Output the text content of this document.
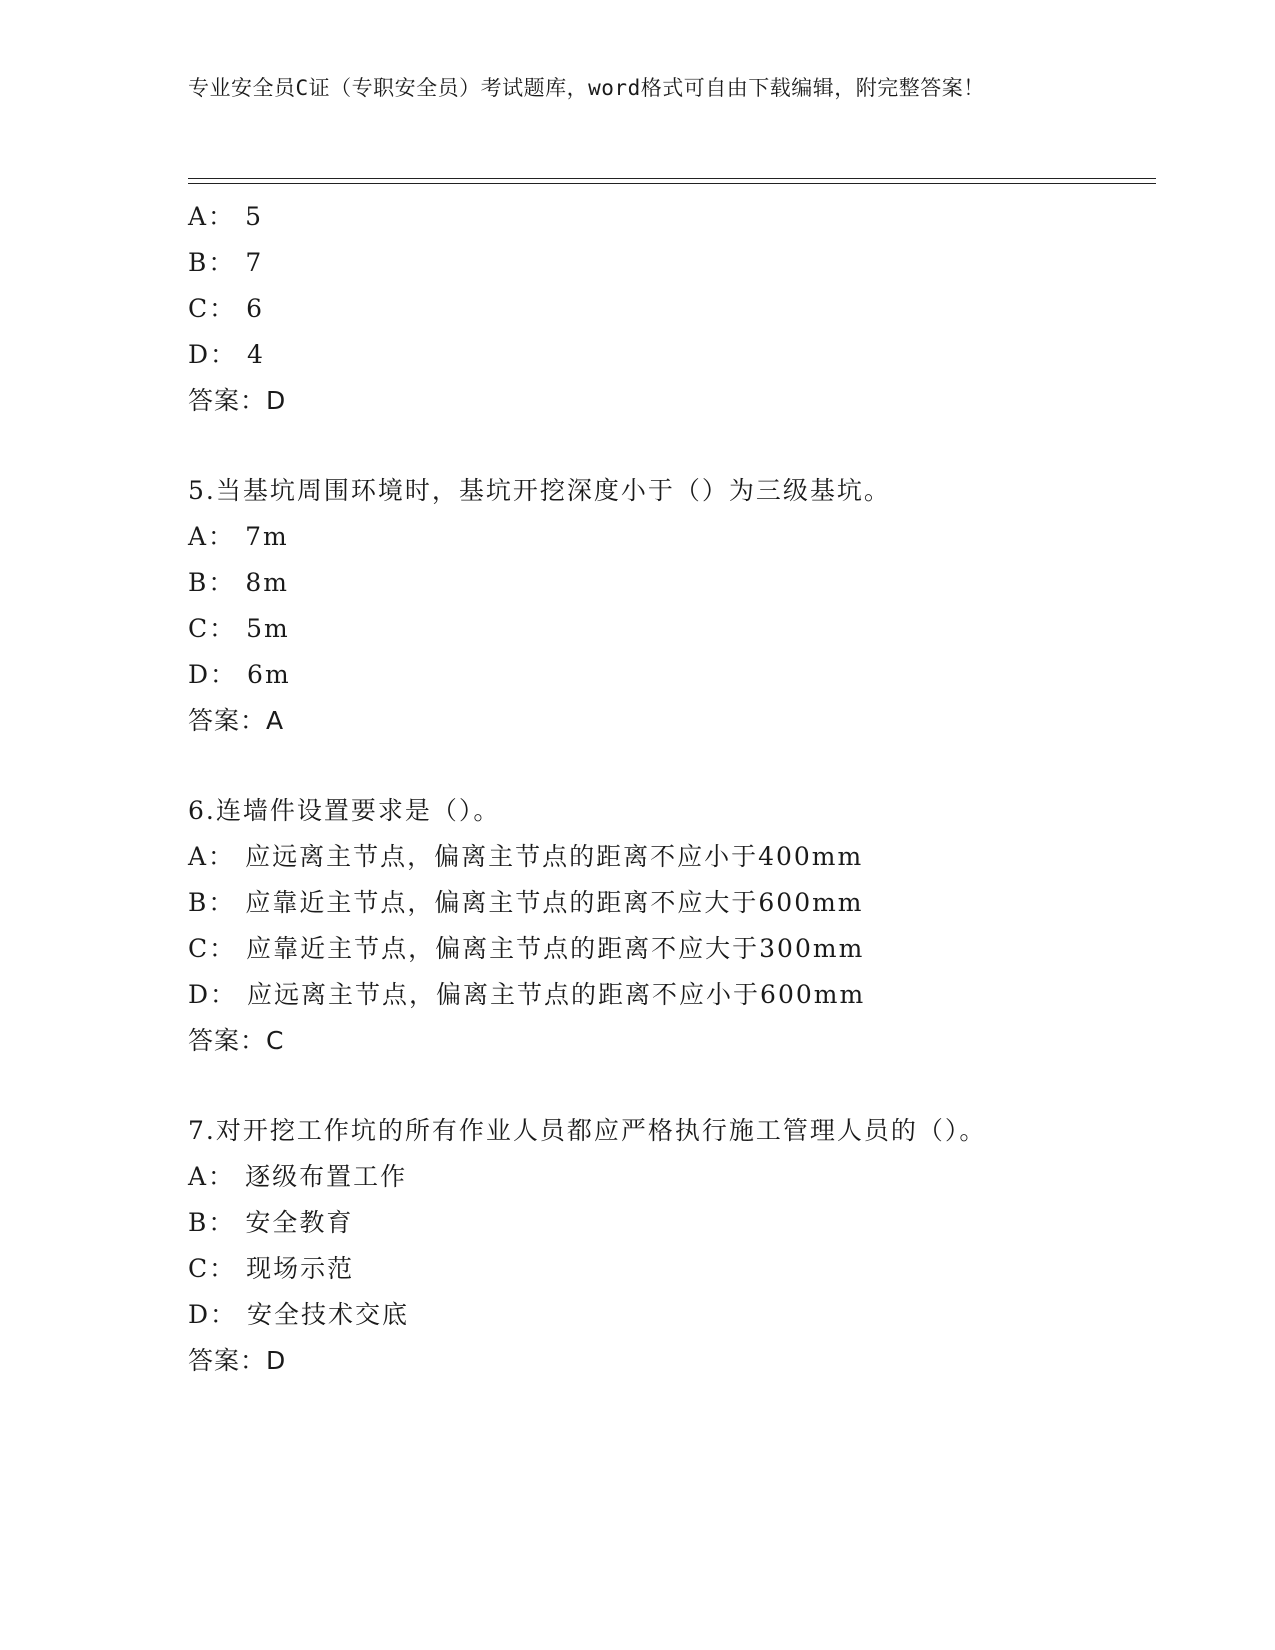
专业安全员C证（专职安全员）考试题库，word格式可自由下载编辑，附完整答案！
A： 5
B： 7
C： 6
D： 4
答案：D
5.当基坑周围环境时，基坑开挖深度小于（）为三级基坑。
A： 7m
B： 8m
C： 5m
D： 6m
答案：A
6.连墙件设置要求是（）。
A： 应远离主节点，偏离主节点的距离不应小于400mm
B： 应靠近主节点，偏离主节点的距离不应大于600mm
C： 应靠近主节点，偏离主节点的距离不应大于300mm
D： 应远离主节点，偏离主节点的距离不应小于600mm
答案：C
7.对开挖工作坑的所有作业人员都应严格执行施工管理人员的（）。
A： 逐级布置工作
B： 安全教育
C： 现场示范
D： 安全技术交底
答案：D
